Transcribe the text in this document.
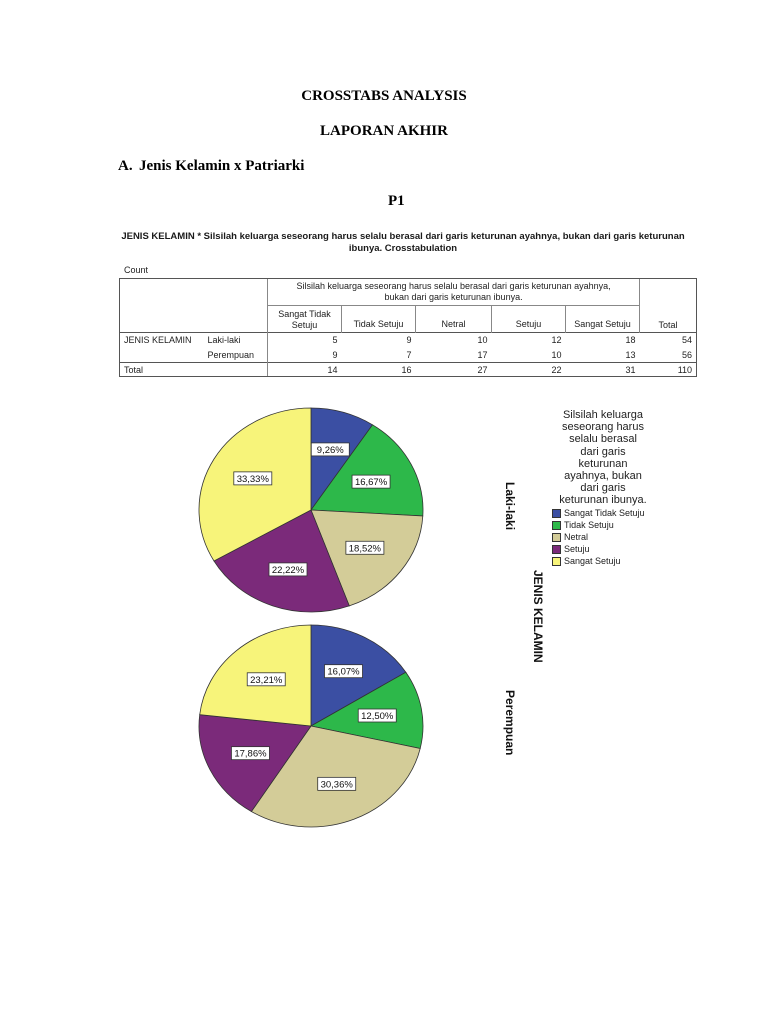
CROSSTABS ANALYSIS
LAPORAN AKHIR
A. Jenis Kelamin x Patriarki
P1
JENIS KELAMIN * Silsilah keluarga seseorang harus selalu berasal dari garis keturunan ayahnya, bukan dari garis keturunan
ibunya. Crosstabulation
Count

		Silsilah keluarga seseorang harus selalu berasal dari garis keturunan ayahnya,
bukan dari garis keturunan ibunya.					Total
		Sangat Tidak Setuju	Tidak Setuju	Netral	Setuju	Sangat Setuju	
JENIS KELAMIN	Laki-laki	5	9	10	12	18	54
	Perempuan	9	7	17	10	13	56
Total		14	16	27	22	31	110
9,26%
16,67%
18,52%
22,22%
33,33%
16,07%
12,50%
30,36%
17,86%
23,21%
Silsilah keluarga
seseorang harus
selalu berasal
dari garis
keturunan
ayahnya, bukan
dari garis
keturunan ibunya.
Sangat Tidak Setuju
Tidak Setuju
Netral
Setuju
Sangat Setuju
Laki-laki
JENIS KELAMIN
Perempuan
